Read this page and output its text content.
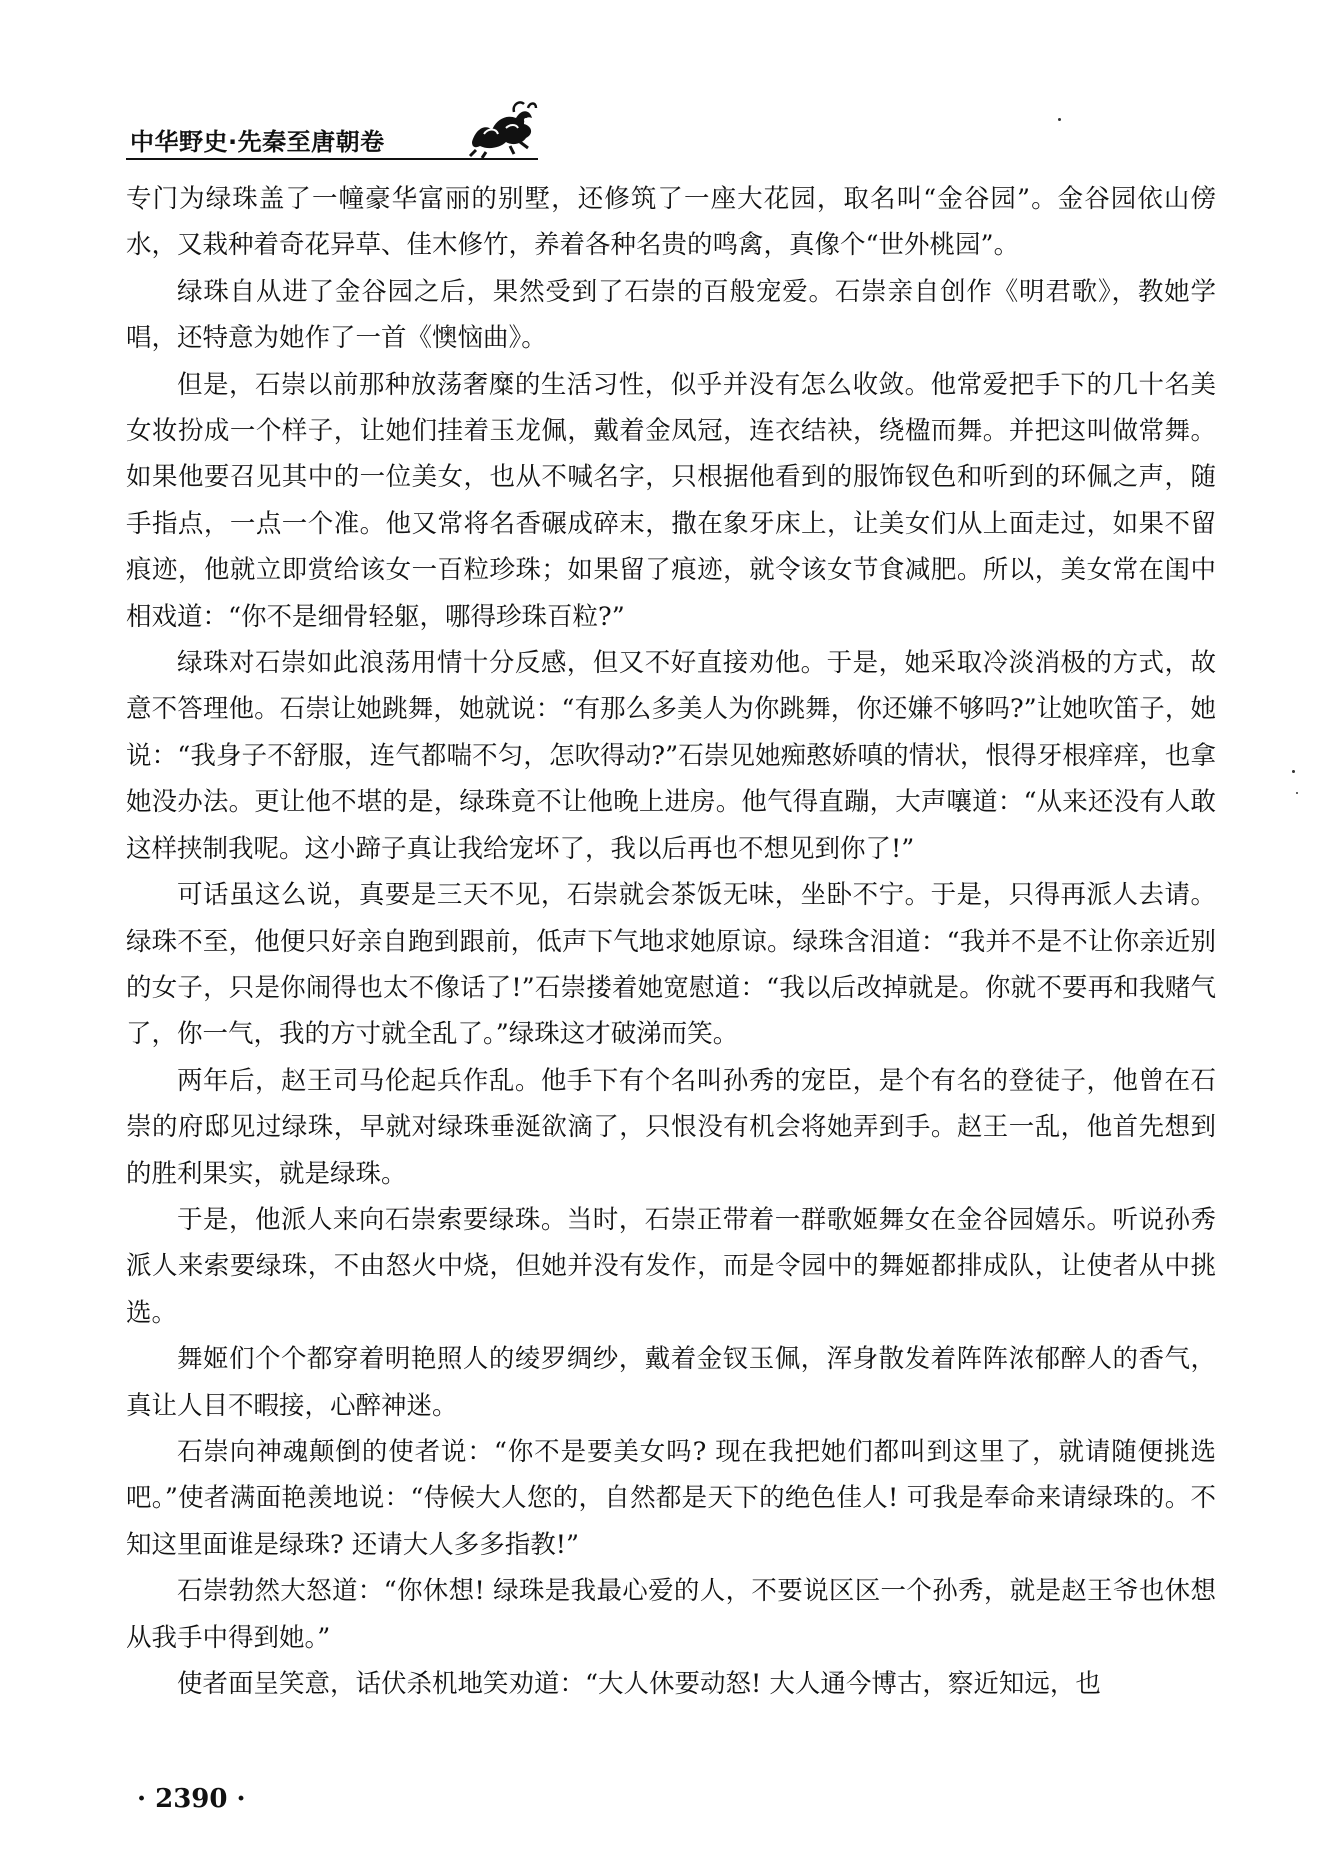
中华野史·先秦至唐朝卷

专门为绿珠盖了一幢豪华富丽的别墅，还修筑了一座大花园，取名叫“金谷园”。金谷园依山傍水，又栽种着奇花异草、佳木修竹，养着各种名贵的鸣禽，真像个“世外桃园”。

绿珠自从进了金谷园之后，果然受到了石崇的百般宠爱。石崇亲自创作《明君歌》，教她学唱，还特意为她作了一首《懊恼曲》。

但是，石崇以前那种放荡奢糜的生活习性，似乎并没有怎么收敛。他常爱把手下的几十名美女妆扮成一个样子，让她们挂着玉龙佩，戴着金凤冠，连衣结袂，绕楹而舞。并把这叫做常舞。如果他要召见其中的一位美女，也从不喊名字，只根据他看到的服饰钗色和听到的环佩之声，随手指点，一点一个准。他又常将名香碾成碎末，撒在象牙床上，让美女们从上面走过，如果不留痕迹，他就立即赏给该女一百粒珍珠；如果留了痕迹，就令该女节食减肥。所以，美女常在闺中相戏道：“你不是细骨轻躯，哪得珍珠百粒?”

绿珠对石崇如此浪荡用情十分反感，但又不好直接劝他。于是，她采取冷淡消极的方式，故意不答理他。石崇让她跳舞，她就说：“有那么多美人为你跳舞，你还嫌不够吗?”让她吹笛子，她说：“我身子不舒服，连气都喘不匀，怎吹得动?”石崇见她痴憨娇嗔的情状，恨得牙根痒痒，也拿她没办法。更让他不堪的是，绿珠竟不让他晚上进房。他气得直蹦，大声嚷道：“从来还没有人敢这样挟制我呢。这小蹄子真让我给宠坏了，我以后再也不想见到你了!”

可话虽这么说，真要是三天不见，石崇就会茶饭无味，坐卧不宁。于是，只得再派人去请。绿珠不至，他便只好亲自跑到跟前，低声下气地求她原谅。绿珠含泪道：“我并不是不让你亲近别的女子，只是你闹得也太不像话了!”石崇搂着她宽慰道：“我以后改掉就是。你就不要再和我赌气了，你一气，我的方寸就全乱了。”绿珠这才破涕而笑。

两年后，赵王司马伦起兵作乱。他手下有个名叫孙秀的宠臣，是个有名的登徒子，他曾在石崇的府邸见过绿珠，早就对绿珠垂涎欲滴了，只恨没有机会将她弄到手。赵王一乱，他首先想到的胜利果实，就是绿珠。

于是，他派人来向石崇索要绿珠。当时，石崇正带着一群歌姬舞女在金谷园嬉乐。听说孙秀派人来索要绿珠，不由怒火中烧，但她并没有发作，而是令园中的舞姬都排成队，让使者从中挑选。

舞姬们个个都穿着明艳照人的绫罗绸纱，戴着金钗玉佩，浑身散发着阵阵浓郁醉人的香气，真让人目不暇接，心醉神迷。

石崇向神魂颠倒的使者说：“你不是要美女吗? 现在我把她们都叫到这里了，就请随便挑选吧。”使者满面艳羡地说：“侍候大人您的，自然都是天下的绝色佳人! 可我是奉命来请绿珠的。不知这里面谁是绿珠? 还请大人多多指教!”

石崇勃然大怒道：“你休想! 绿珠是我最心爱的人，不要说区区一个孙秀，就是赵王爷也休想从我手中得到她。”

使者面呈笑意，话伏杀机地笑劝道：“大人休要动怒! 大人通今博古，察近知远，也

· 2390 ·
